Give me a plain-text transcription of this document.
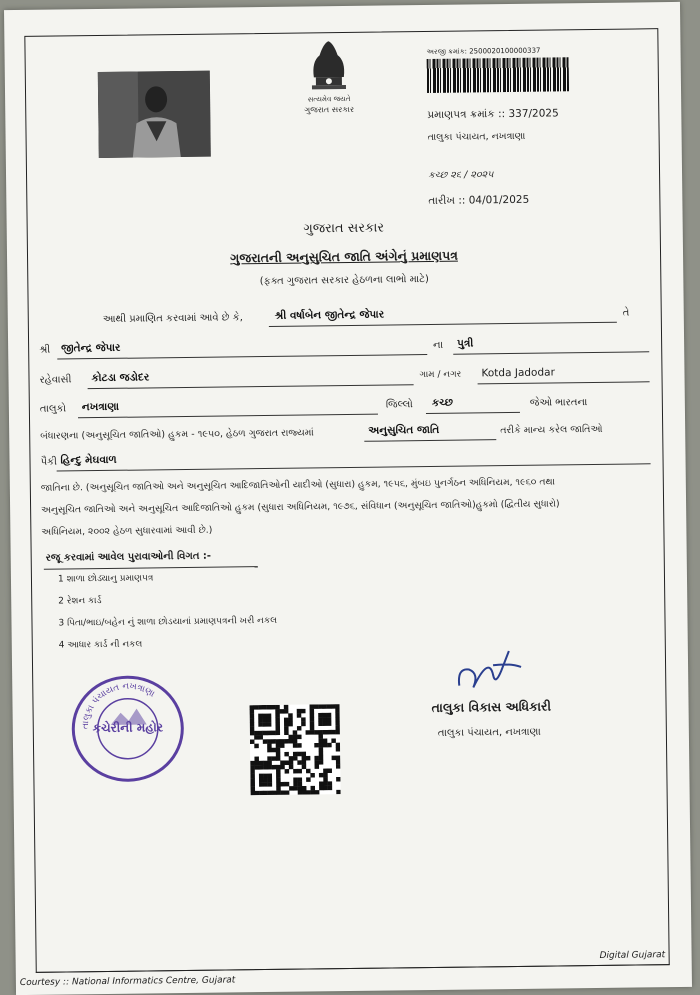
સત્યમેવ જયતે
ગુજરાત સરકાર
અરજી ક્રમાંક: 2500020100000337
પ્રમાણપત્ર ક્રમાંક :: 337/2025
તાલુકા પંચાયત, નખત્રાણા
કચ્છ ૨૬ / ૨૦૨૫
તારીખ :: 04/01/2025
ગુજરાત સરકાર
ગુજરાતની અનુસુચિત જાતિ અંગેનું પ્રમાણપત્ર
(ફક્ત ગુજરાત સરકાર હેઠળના લાભો માટે)
આથી પ્રમાણિત કરવામાં આવે છે કે,	શ્રી વર્ષાબેન જીતેન્દ્ર જેપાર	તે
શ્રી જીતેન્દ્ર જેપાર	ના પુત્રી
રહેવાસી કોટડા જડોદર	ગામ / નગર Kotda Jadodar
તાલુકો નખત્રાણા	જિલ્લો કચ્છ	જેઓ ભારતના
બંધારણના (અનુસૂચિત જાતિઓ) હુકમ - ૧૯૫૦, હેઠળ ગુજરાત રાજ્યમાં	અનુસુચિત જાતિ	તરીકે માન્ય કરેલ જાતિઓ
પૈકી હિન્દુ મેઘવાળ
જાતિના છે. (અનુસૂચિત જાતિઓ અને અનુસૂચિત આદિજાતિઓની યાદીઓ (સુધારા) હુકમ, ૧૯૫૬, મુંબઇ પુનર્ગઠન અધિનિયમ, ૧૯૬૦ તથા
અનુસૂચિત જાતિઓ અને અનુસૂચિત આદિજાતિઓ હુકમ (સુધારા અધિનિયમ, ૧૯૭૬, સંવિધાન (અનુસૂચિત જાતિઓ)હુકમો (દ્વિતીય સુધારો)
અધિનિયમ, ૨૦૦૨ હેઠળ સુધારવામાં આવી છે.)
રજૂ કરવામાં આવેલ પુરાવાઓની વિગત :-
1 શાળા છોડ્યાનુ પ્રમાણપત્ર
2 રેશન કાર્ડ
3 પિતા/ભાઇ/બહેન નું શાળા છોડયાનાં પ્રમાણપત્રની ખરી નકલ
4 આધાર કાર્ડ ની નકલ
તાલુકા પંચાયત નખત્રાણા
કચેરીની મહોર
તાલુકા વિકાસ અધિકારી
તાલુકા પંચાયત, નખત્રાણા
Digital Gujarat
Courtesy :: National Informatics Centre, Gujarat
